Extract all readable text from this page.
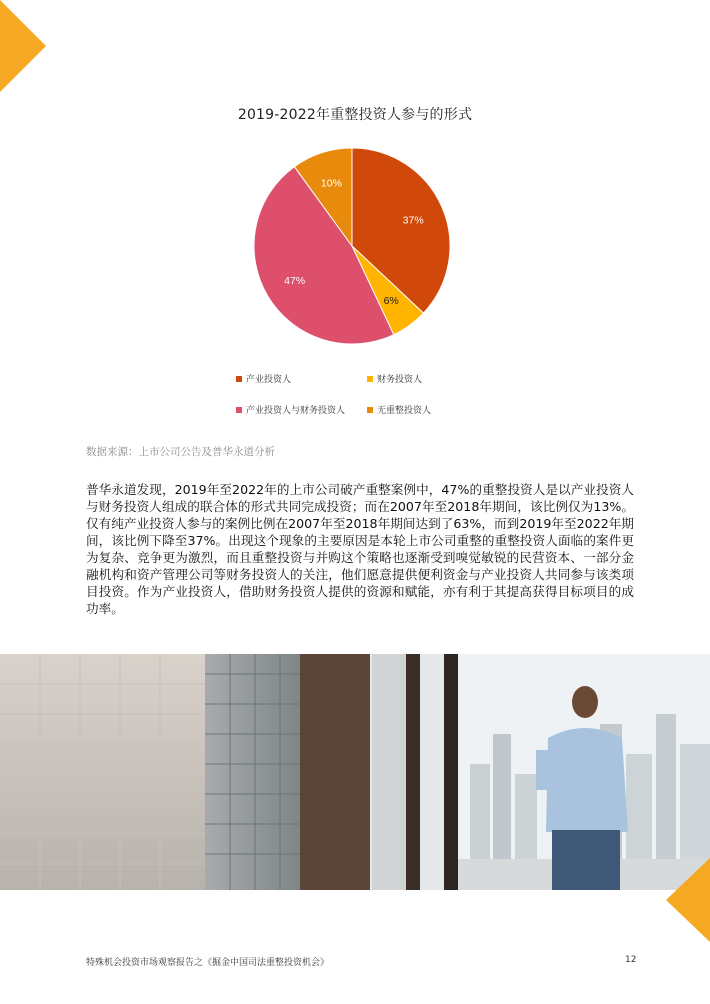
2019-2022年重整投资人参与的形式
37%
6%
47%
10%
产业投资人	财务投资人
产业投资人与财务投资人	无重整投资人
数据来源：上市公司公告及普华永道分析
普华永道发现，2019年至2022年的上市公司破产重整案例中，47%的重整投资人是以产业投资人与财务投资人组成的联合体的形式共同完成投资；而在2007年至2018年期间，该比例仅为13%。仅有纯产业投资人参与的案例比例在2007年至2018年期间达到了63%，而到2019年至2022年期间，该比例下降至37%。出现这个现象的主要原因是本轮上市公司重整的重整投资人面临的案件更为复杂、竞争更为激烈，而且重整投资与并购这个策略也逐渐受到嗅觉敏锐的民营资本、一部分金融机构和资产管理公司等财务投资人的关注，他们愿意提供便利资金与产业投资人共同参与该类项目投资。作为产业投资人，借助财务投资人提供的资源和赋能，亦有利于其提高获得目标项目的成功率。
特殊机会投资市场观察报告之《掘金中国司法重整投资机会》	12
